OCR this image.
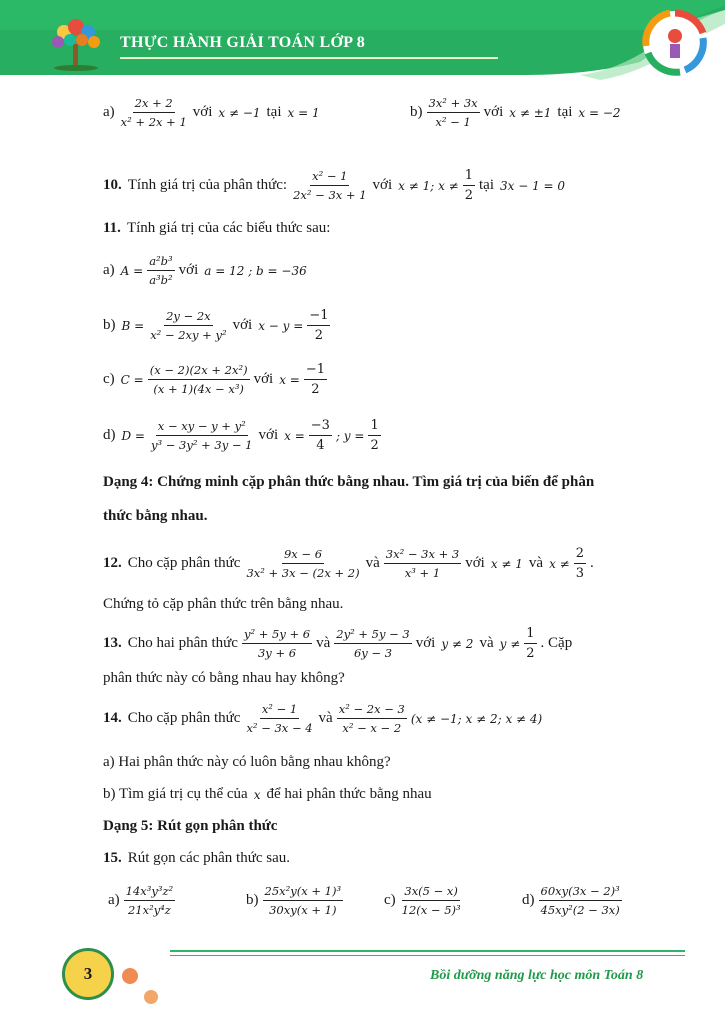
THỰC HÀNH GIẢI TOÁN LỚP 8
$a) \frac{2x + 2}{\text{x² + 2x + 1}}$ với x ≠ −1 tại x = 1	$b) \frac{\text{3x² + 3x}}{\text{x² − 1}}$ với x ≠ ±1 tại x = −2
10. Tính giá trị của phân thức: $\frac{\text{x² − 1}}{\text{2x² − 3x + 1}}$ với x ≠ 1; $x \ne \frac{1}{2}$ tại 3x − 1 = 0
11. Tính giá trị của các biểu thức sau:
a) $A = \frac{\text{a²b³}}{\text{a³b²}}$ với a = 12 ; b = −36
b) $B = \frac{2y - 2x}{\text{x² − 2xy + y²}}$ với $x - y = \frac{-1}{2}$
c) $C = \frac{\text{(x − 2)(2x + 2x²)}}{\text{(x + 1)(4x − x³)}}$ với $x = \frac{-1}{2}$
d) $D = \frac{\text{x − xy − y + y²}}{\text{y³ − 3y² + 3y − 1}}$ với $x = \frac{-3}{4}$ ; $y = \frac{1}{2}$
Dạng 4: Chứng minh cặp phân thức bằng nhau. Tìm giá trị của biến để phân
thức bằng nhau.
12. Cho cặp phân thức $\frac{9x - 6}{\text{3x² + 3x − (2x + 2)}}$ và $\frac{\text{3x² − 3x + 3}}{\text{x³ + 1}}$ với x ≠ 1 và $x \ne \frac{2}{3}$ .
Chứng tỏ cặp phân thức trên bằng nhau.
13. Cho hai phân thức $\frac{\text{y² + 5y + 6}}{3y + 6}$ và $\frac{\text{2y² + 5y − 3}}{6y - 3}$ với y ≠ 2 và $y \ne \frac{1}{2}$ . Cặp
phân thức này có bằng nhau hay không?
14. Cho cặp phân thức $\frac{\text{x² − 1}}{\text{x² − 3x − 4}}$ và $\frac{\text{x² − 2x − 3}}{\text{x² − x − 2}} (x \ne -1$; x ≠ 2; x ≠ 4)
a) Hai phân thức này có luôn bằng nhau không?
b) Tìm giá trị cụ thể của x để hai phân thức bằng nhau
Dạng 5: Rút gọn phân thức
15. Rút gọn các phân thức sau.
$a) \frac{\text{14x³y³z²}}{\text{21x²y⁴z}}$	$b) \frac{\text{25x²y(x + 1)³}}{30xy(x + 1)}$	$c) \frac{3x(5 - x)}{\text{12(x − 5)³}}$	$d) \frac{\text{60xy(3x − 2)³}}{\text{45xy²(2 − 3x)}}$
3	Bồi dưỡng năng lực học môn Toán 8
